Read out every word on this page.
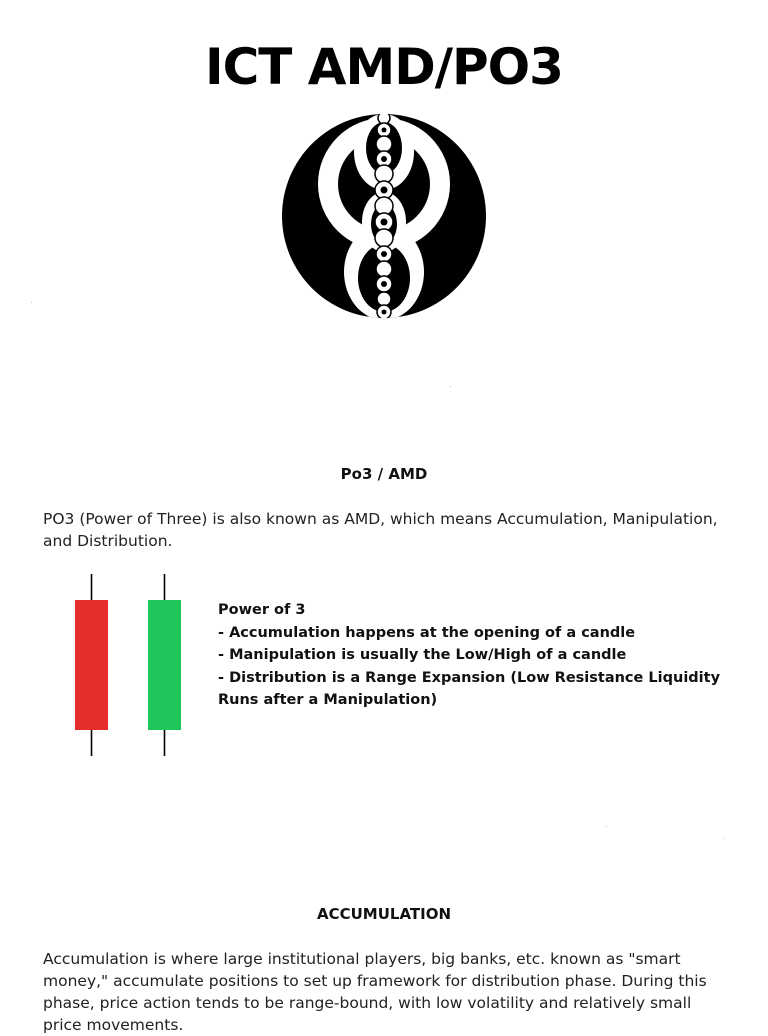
ICT AMD/PO3
Po3 / AMD

PO3 (Power of Three) is also known as AMD, which means Accumulation, Manipulation, and Distribution.

Power of 3
- Accumulation happens at the opening of a candle
- Manipulation is usually the Low/High of a candle
- Distribution is a Range Expansion (Low Resistance Liquidity Runs after a Manipulation)
ACCUMULATION

Accumulation is where large institutional players, big banks, etc. known as "smart money," accumulate positions to set up framework for distribution phase. During this phase, price action tends to be range-bound, with low volatility and relatively small price movements.
